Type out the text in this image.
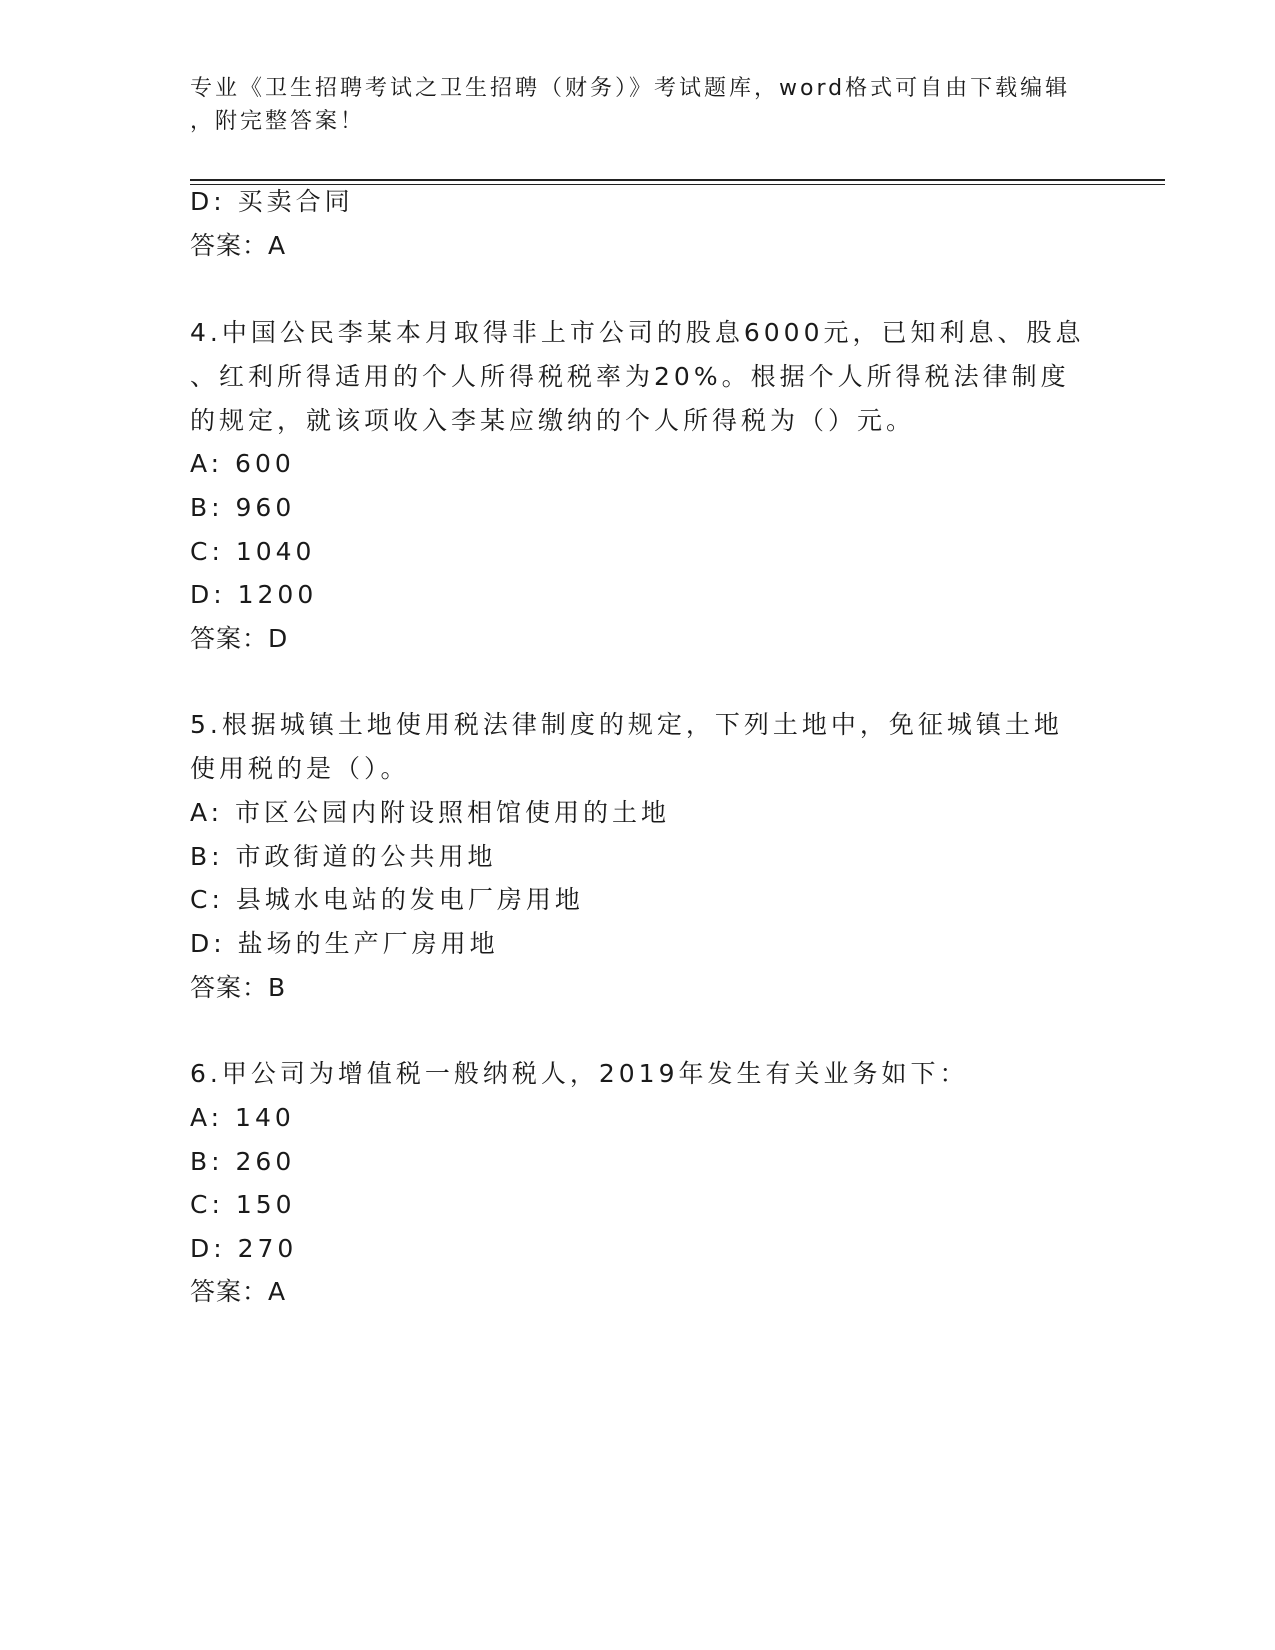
专业《卫生招聘考试之卫生招聘（财务）》考试题库，word格式可自由下载编辑
，附完整答案！
D: 买卖合同
答案：A
4.中国公民李某本月取得非上市公司的股息6000元，已知利息、股息
、红利所得适用的个人所得税税率为20%。根据个人所得税法律制度
的规定，就该项收入李某应缴纳的个人所得税为（）元。
A: 600
B: 960
C: 1040
D: 1200
答案：D
5.根据城镇土地使用税法律制度的规定，下列土地中，免征城镇土地
使用税的是（）。
A: 市区公园内附设照相馆使用的土地
B: 市政街道的公共用地
C: 县城水电站的发电厂房用地
D: 盐场的生产厂房用地
答案：B
6.甲公司为增值税一般纳税人，2019年发生有关业务如下：
A: 140
B: 260
C: 150
D: 270
答案：A
